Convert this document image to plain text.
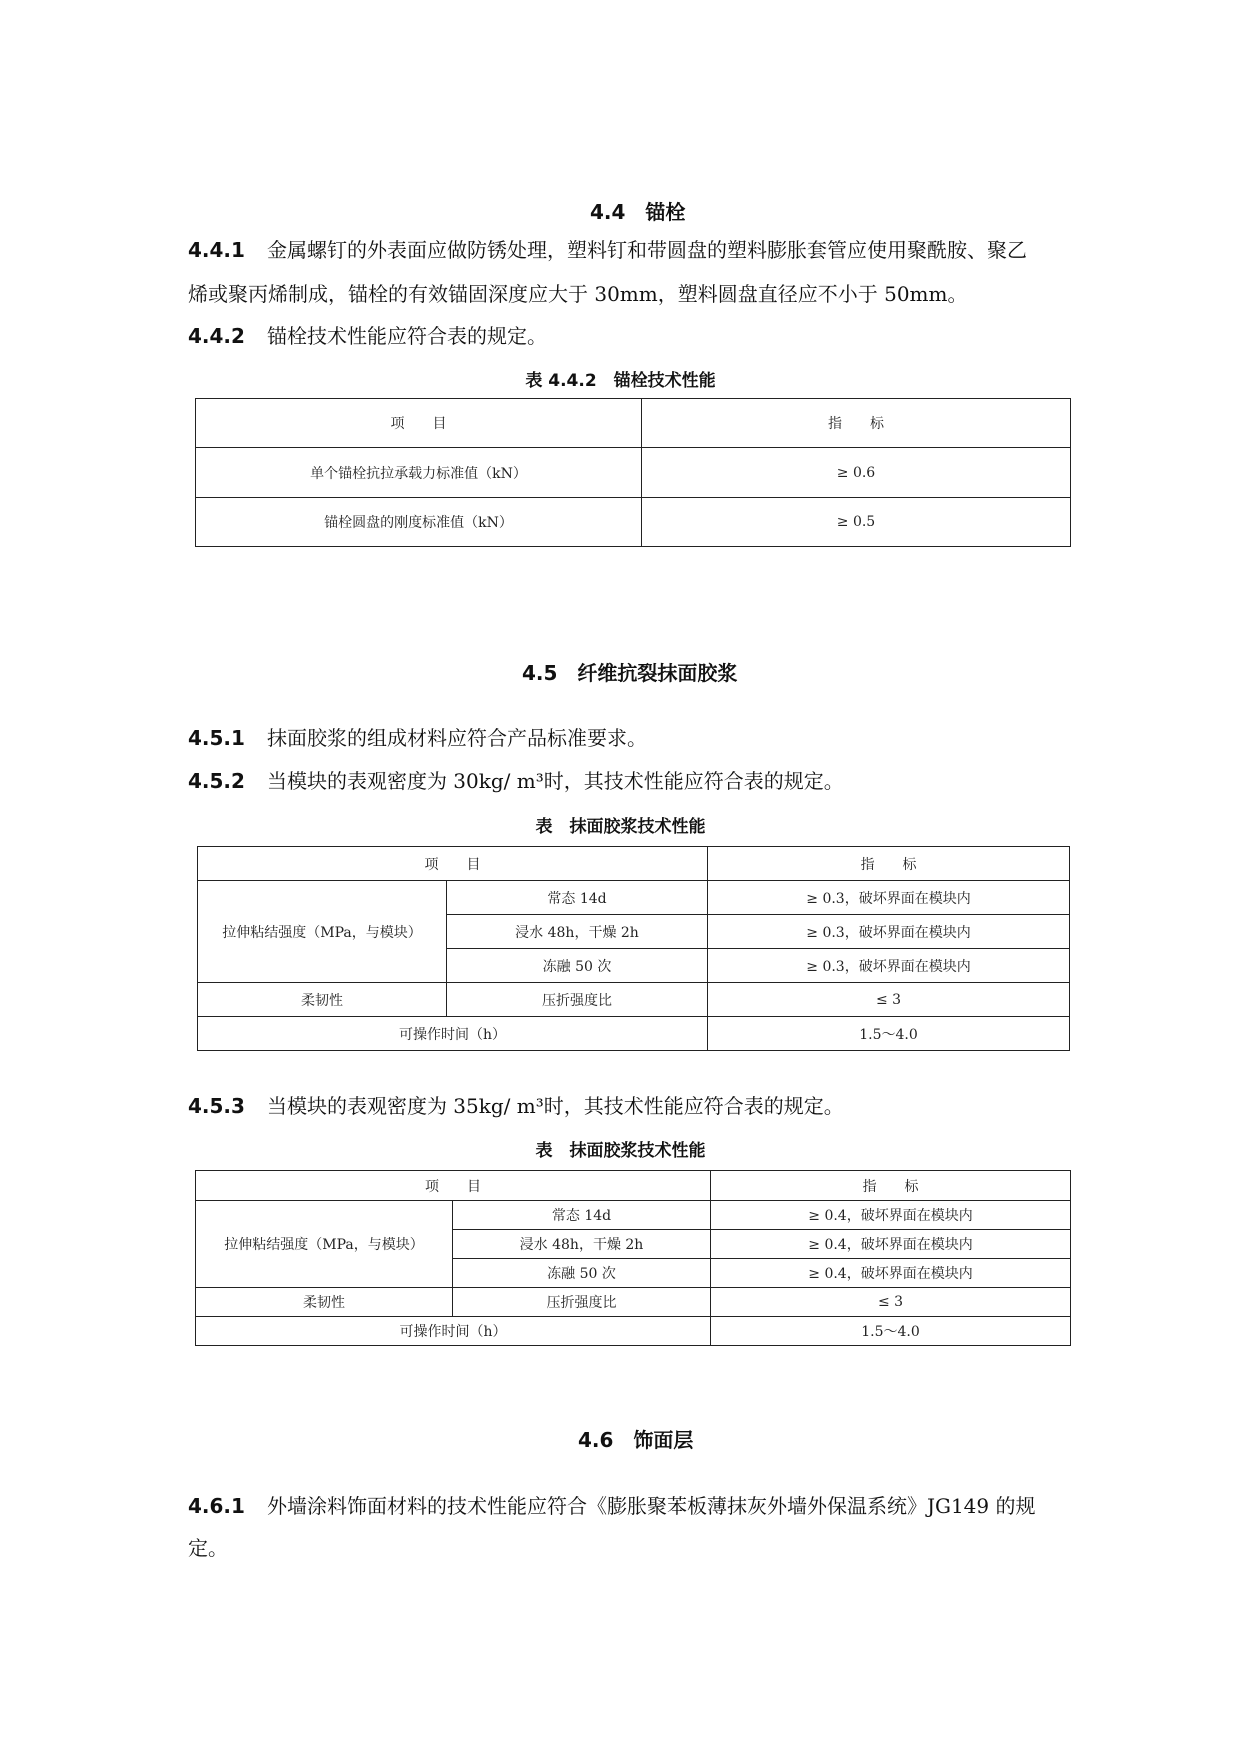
4.4　锚栓
4.4.1 金属螺钉的外表面应做防锈处理，塑料钉和带圆盘的塑料膨胀套管应使用聚酰胺、聚乙
烯或聚丙烯制成，锚栓的有效锚固深度应大于 30mm，塑料圆盘直径应不小于 50mm。
4.4.2 锚栓技术性能应符合表的规定。
表 4.4.2　锚栓技术性能
项　　目	指　　标
单个锚栓抗拉承载力标准值（kN）	≥ 0.6
锚栓圆盘的刚度标准值（kN）	≥ 0.5
4.5　纤维抗裂抹面胶浆
4.5.1 抹面胶浆的组成材料应符合产品标准要求。
4.5.2 当模块的表观密度为 30kg/ m³时，其技术性能应符合表的规定。
表　抹面胶浆技术性能
项　　目		指　　标
拉伸粘结强度（MPa，与模块）	常态 14d	≥ 0.3，破坏界面在模块内
	浸水 48h，干燥 2h	≥ 0.3，破坏界面在模块内
	冻融 50 次	≥ 0.3，破坏界面在模块内
柔韧性	压折强度比	≤ 3
可操作时间（h）		1.5～4.0
4.5.3 当模块的表观密度为 35kg/ m³时，其技术性能应符合表的规定。
表　抹面胶浆技术性能
项　　目		指　　标
拉伸粘结强度（MPa，与模块）	常态 14d	≥ 0.4，破坏界面在模块内
	浸水 48h，干燥 2h	≥ 0.4，破坏界面在模块内
	冻融 50 次	≥ 0.4，破坏界面在模块内
柔韧性	压折强度比	≤ 3
可操作时间（h）		1.5～4.0
4.6　饰面层
4.6.1 外墙涂料饰面材料的技术性能应符合《膨胀聚苯板薄抹灰外墙外保温系统》JG149 的规
定。
